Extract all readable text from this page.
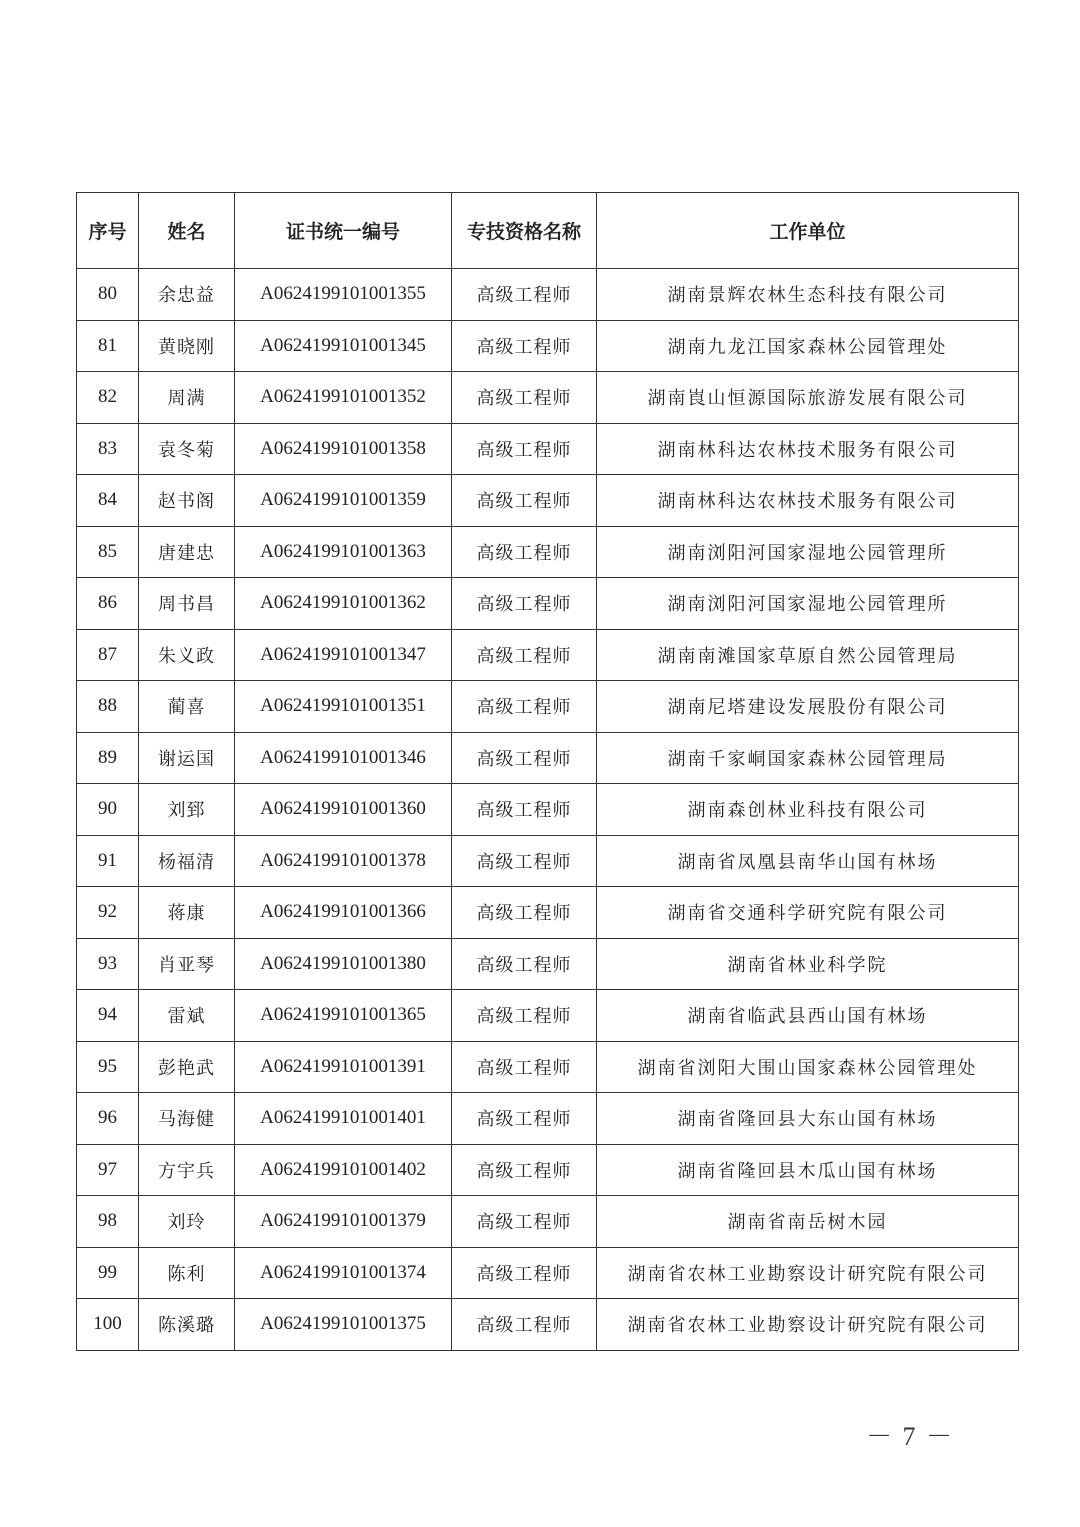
序号	姓名	证书统一编号	专技资格名称	工作单位
80	余忠益	A0624199101001355	高级工程师	湖南景辉农林生态科技有限公司
81	黄晓刚	A0624199101001345	高级工程师	湖南九龙江国家森林公园管理处
82	周满	A0624199101001352	高级工程师	湖南崀山恒源国际旅游发展有限公司
83	袁冬菊	A0624199101001358	高级工程师	湖南林科达农林技术服务有限公司
84	赵书阁	A0624199101001359	高级工程师	湖南林科达农林技术服务有限公司
85	唐建忠	A0624199101001363	高级工程师	湖南浏阳河国家湿地公园管理所
86	周书昌	A0624199101001362	高级工程师	湖南浏阳河国家湿地公园管理所
87	朱义政	A0624199101001347	高级工程师	湖南南滩国家草原自然公园管理局
88	蔺喜	A0624199101001351	高级工程师	湖南尼塔建设发展股份有限公司
89	谢运国	A0624199101001346	高级工程师	湖南千家峒国家森林公园管理局
90	刘郅	A0624199101001360	高级工程师	湖南森创林业科技有限公司
91	杨福清	A0624199101001378	高级工程师	湖南省凤凰县南华山国有林场
92	蒋康	A0624199101001366	高级工程师	湖南省交通科学研究院有限公司
93	肖亚琴	A0624199101001380	高级工程师	湖南省林业科学院
94	雷斌	A0624199101001365	高级工程师	湖南省临武县西山国有林场
95	彭艳武	A0624199101001391	高级工程师	湖南省浏阳大围山国家森林公园管理处
96	马海健	A0624199101001401	高级工程师	湖南省隆回县大东山国有林场
97	方宇兵	A0624199101001402	高级工程师	湖南省隆回县木瓜山国有林场
98	刘玲	A0624199101001379	高级工程师	湖南省南岳树木园
99	陈利	A0624199101001374	高级工程师	湖南省农林工业勘察设计研究院有限公司
100	陈溪璐	A0624199101001375	高级工程师	湖南省农林工业勘察设计研究院有限公司
－ 7 －
